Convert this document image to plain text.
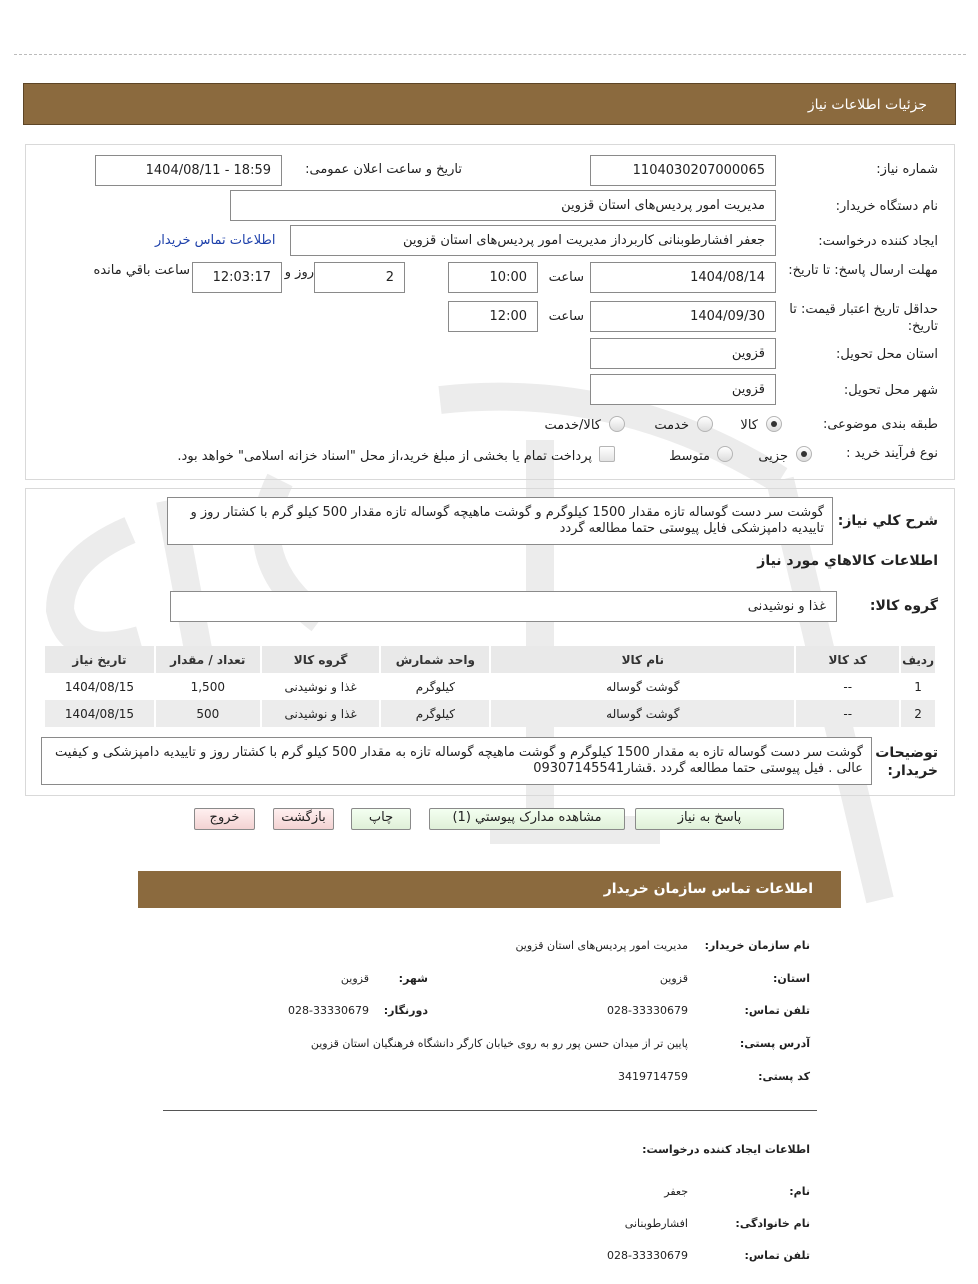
جزئیات اطلاعات نیاز
شماره نیاز:
1104030207000065
تاریخ و ساعت اعلان عمومی:
1404/08/11 - 18:59
نام دستگاه خریدار:
مدیریت امور پردیس‌های استان قزوین
ایجاد کننده درخواست:
جعفر افشارطوبنانی کاربرداز مدیریت امور پردیس‌های استان قزوین
اطلاعات تماس خریدار
مهلت ارسال پاسخ: تا تاریخ:
1404/08/14
ساعت
10:00
2
روز و
12:03:17
ساعت باقي مانده
حداقل تاریخ اعتبار قیمت: تا تاریخ:
1404/09/30
ساعت
12:00
استان محل تحویل:
قزوین
شهر محل تحویل:
قزوین
طبقه بندی موضوعی:
کالا
خدمت
کالا/خدمت
نوع فرآیند خرید :
جزیی
متوسط
پرداخت تمام یا بخشی از مبلغ خرید،از محل "اسناد خزانه اسلامی" خواهد بود.
شرح کلي نیاز:
گوشت سر دست گوساله تازه مقدار 1500 کیلوگرم و گوشت ماهیچه گوساله تازه مقدار 500 کیلو گرم با کشتار روز و تاییدیه دامپزشکی فایل پیوستی حتما مطالعه گردد
اطلاعات کالاهاي مورد نیاز
گروه کالا:
غذا و نوشیدنی
ردیف	کد کالا	نام کالا	واحد شمارش	گروه کالا	تعداد / مقدار	تاریخ نیاز
1	--	گوشت گوساله	کیلوگرم	غذا و نوشیدنی	1,500	1404/08/15
2	--	گوشت گوساله	کیلوگرم	غذا و نوشیدنی	500	1404/08/15
توضیحات خریدار:
گوشت سر دست گوساله تازه به مقدار 1500 کیلوگرم و گوشت ماهیچه گوساله تازه به مقدار 500 کیلو گرم با کشتار روز و تاییدیه دامپزشکی و کیفیت عالی . فیل پیوستی حتما مطالعه گردد .قشار09307145541
پاسخ به نیاز
مشاهده مدارک پیوستي (1)
چاپ
بازگشت
خروج
اطلاعات تماس سازمان خریدار
نام سازمان خریدار:
مدیریت امور پردیس‌های استان قزوین
استان:
قزوین
شهر:
قزوین
تلفن تماس:
028-33330679
دورنگار:
028-33330679
آدرس پستی:
پایین تر از میدان حسن پور رو به روی خیابان کارگر دانشگاه فرهنگیان استان قزوین
کد پستی:
3419714759
اطلاعات ایجاد کننده درخواست:
نام:
جعفر
نام خانوادگی:
افشارطوبنانی
تلفن تماس:
028-33330679
